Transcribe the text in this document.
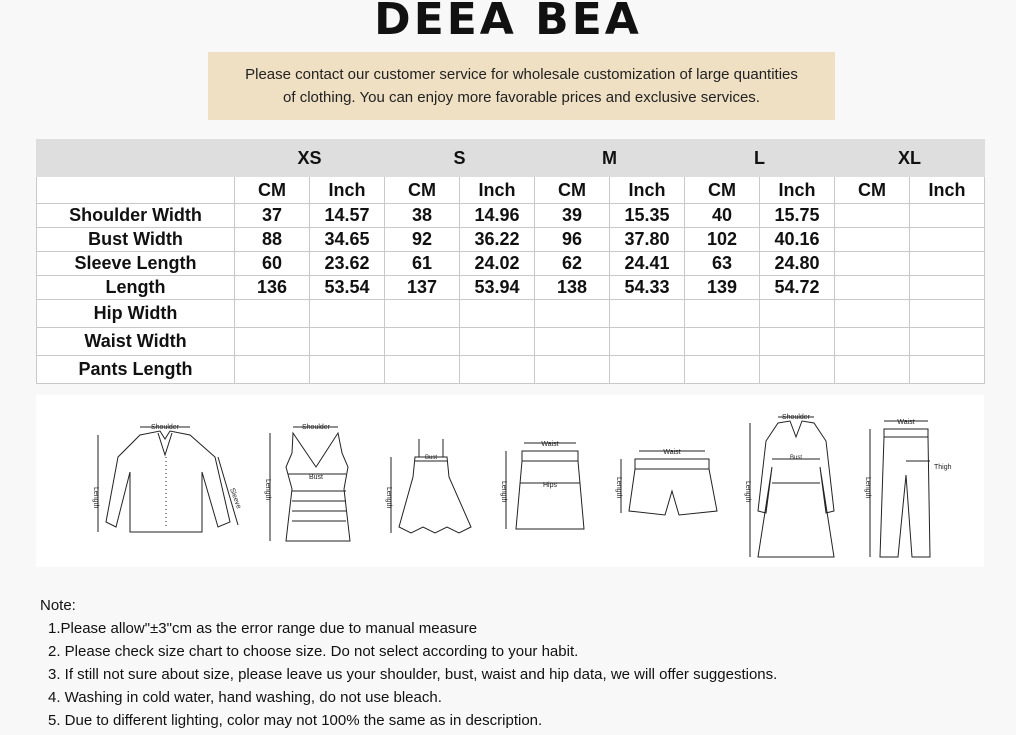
DEEA BEA
Please contact our customer service for wholesale customization of large quantities
of clothing. You can enjoy more favorable prices and exclusive services.
	XS		S		M		L		XL	
	CM	Inch	CM	Inch	CM	Inch	CM	Inch	CM	Inch
Shoulder Width	37	14.57	38	14.96	39	15.35	40	15.75		
Bust Width	88	34.65	92	36.22	96	37.80	102	40.16		
Sleeve Length	60	23.62	61	24.02	62	24.41	63	24.80		
Length	136	53.54	137	53.94	138	54.33	139	54.72		
Hip Width										
Waist Width										
Pants Length										
Shoulder
Length	Sleeve
Shoulder
Bust
Length
Bust
Length
Waist
Hips
Length
Waist
Length
Shoulder
Bust
Length
Waist
Thigh
Length
Note:
1.Please allow"±3"cm as the error range due to manual measure
2. Please check size chart to choose size. Do not select according to your habit.
3. If still not sure about size, please leave us your shoulder, bust, waist and hip data, we will offer suggestions.
4. Washing in cold water, hand washing, do not use bleach.
5. Due to different lighting, color may not 100% the same as in description.
